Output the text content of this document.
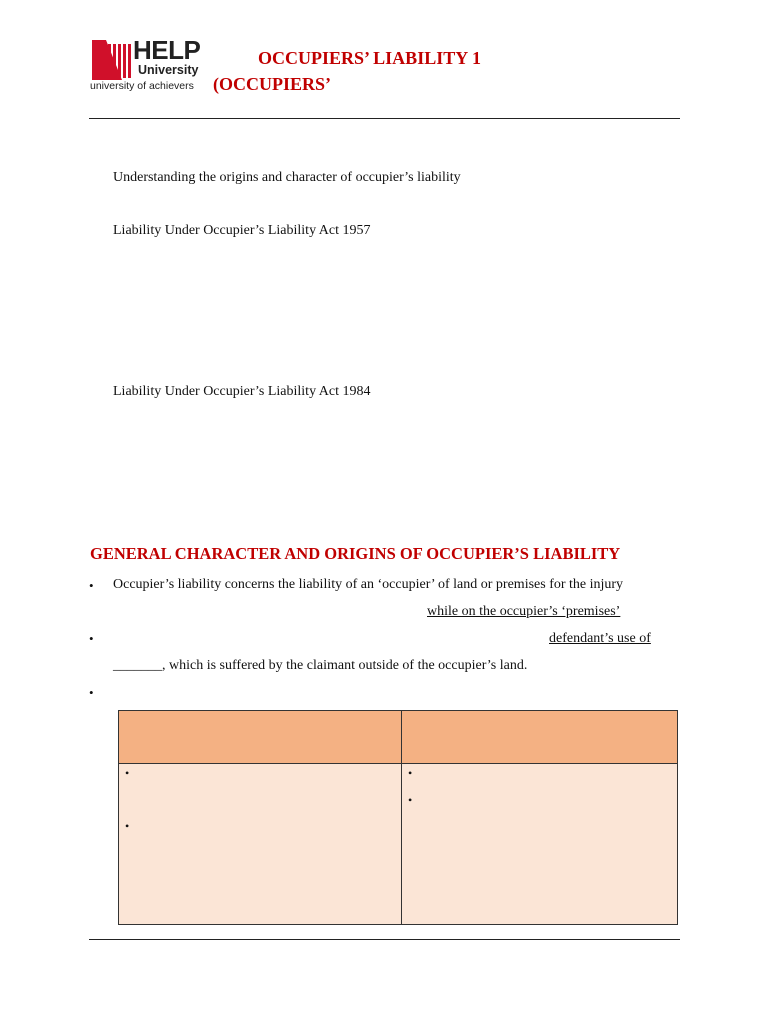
HELP
University
university of achievers
OCCUPIERS’ LIABILITY 1
(OCCUPIERS’
Understanding the origins and character of occupier’s liability
Liability Under Occupier’s Liability Act 1957
Liability Under Occupier’s Liability Act 1984
GENERAL CHARACTER AND ORIGINS OF OCCUPIER’S LIABILITY
• Occupier’s liability concerns the liability of an ‘occupier’ of land or premises for the injury
while on the occupier’s ‘premises’
•	defendant’s use of
_______, which is suffered by the claimant outside of the occupier’s land.
•
•
•
•
•
